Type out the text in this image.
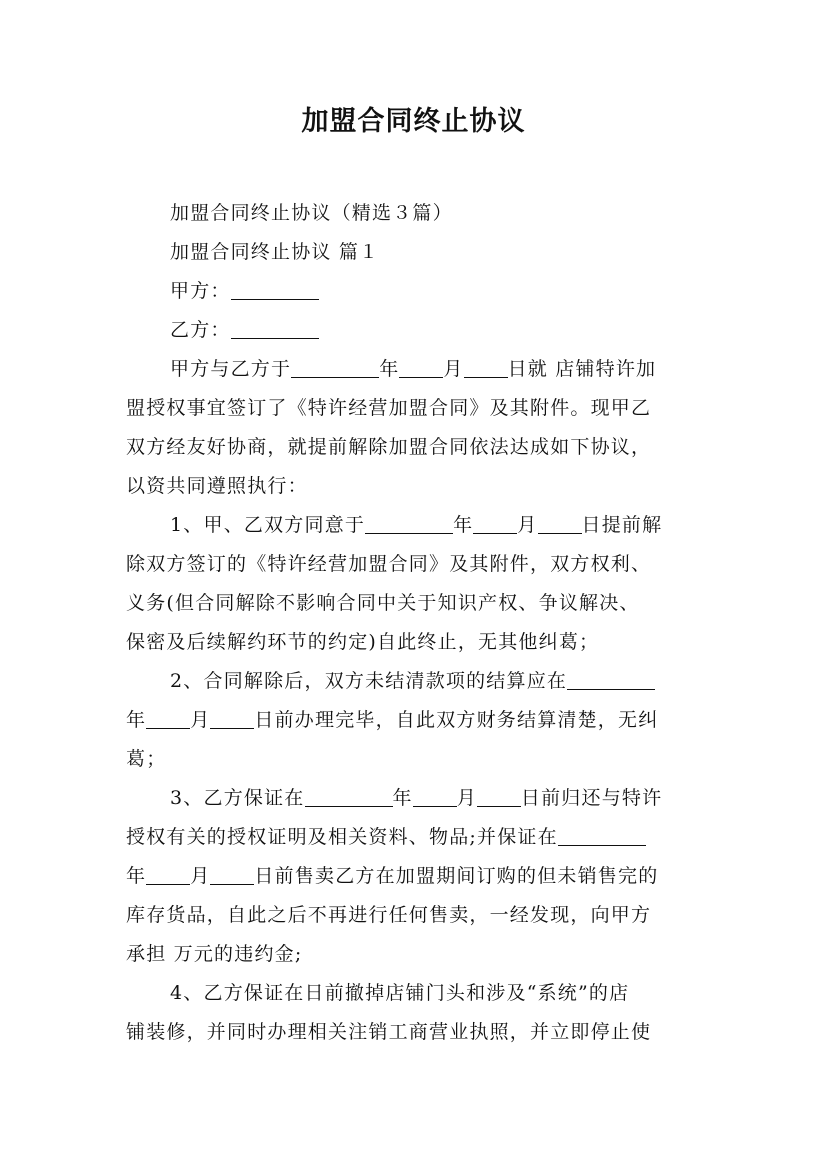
加盟合同终止协议

加盟合同终止协议（精选３篇）

加盟合同终止协议 篇１

甲方：

乙方：

甲方与乙方于	年 月 日就 店铺特许加

盟授权事宜签订了《特许经营加盟合同》及其附件。现甲乙

双方经友好协商，就提前解除加盟合同依法达成如下协议，

以资共同遵照执行：

1、甲、乙双方同意于	年 月 日提前解

除双方签订的《特许经营加盟合同》及其附件，双方权利、

义务(但合同解除不影响合同中关于知识产权、争议解决、

保密及后续解约环节的约定)自此终止，无其他纠葛；

2、合同解除后，双方未结清款项的结算应在

年 月 日前办理完毕，自此双方财务结算清楚，无纠

葛；

3、乙方保证在	年 月 日前归还与特许

授权有关的授权证明及相关资料、物品;并保证在

年 月 日前售卖乙方在加盟期间订购的但未销售完的

库存货品，自此之后不再进行任何售卖，一经发现，向甲方

承担 万元的违约金;

4、乙方保证在日前撤掉店铺门头和涉及“系统”的店

铺装修，并同时办理相关注销工商营业执照，并立即停止使
